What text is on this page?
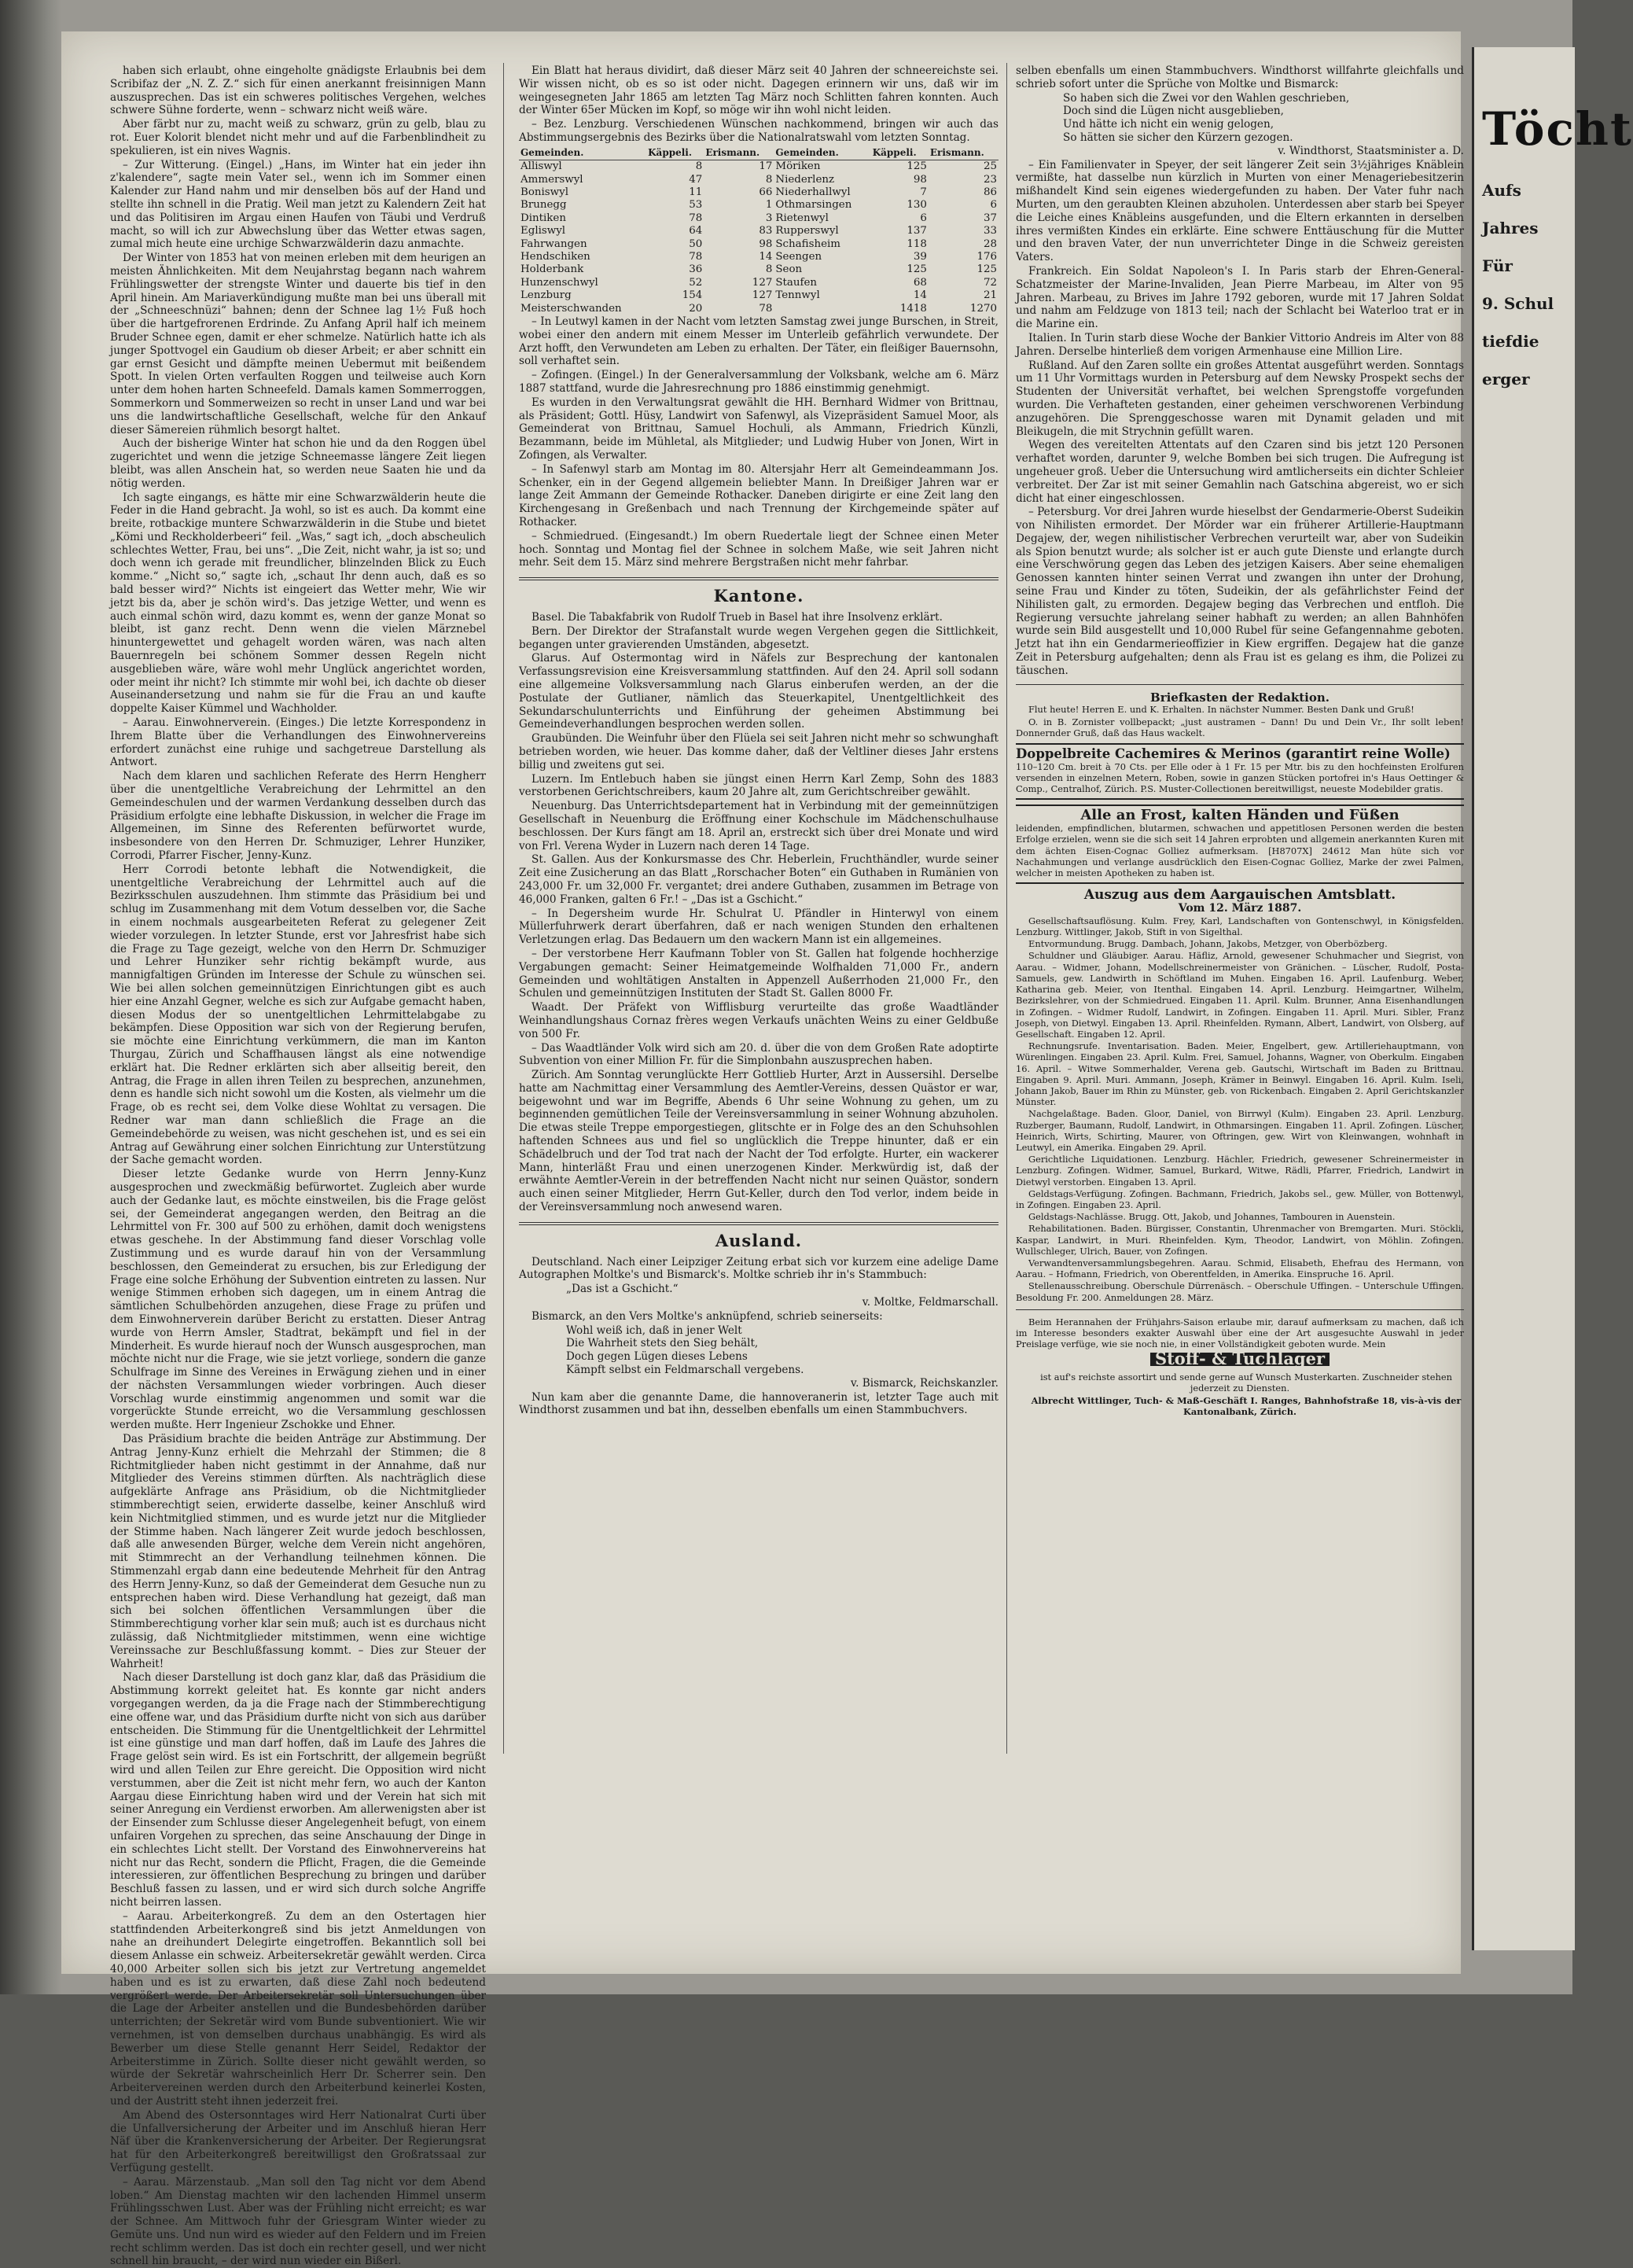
haben sich erlaubt, ohne eingeholte gnädigste Erlaubnis bei dem Scribifaz der „N. Z. Z.“ sich für einen anerkannt freisinnigen Mann auszusprechen. Das ist ein schweres politisches Vergehen, welches schwere Sühne forderte, wenn – schwarz nicht weiß wäre.

Aber färbt nur zu, macht weiß zu schwarz, grün zu gelb, blau zu rot. Euer Kolorit blendet nicht mehr und auf die Farbenblindheit zu spekulieren, ist ein nives Wagnis.

– Zur Witterung. (Eingel.) „Hans, im Winter hat ein jeder ihn z'kalendere“, sagte mein Vater sel., wenn ich im Sommer einen Kalender zur Hand nahm und mir denselben bös auf der Hand und stellte ihn schnell in die Pratig. Weil man jetzt zu Kalendern Zeit hat und das Politisiren im Argau einen Haufen von Täubi und Verdruß macht, so will ich zur Abwechslung über das Wetter etwas sagen, zumal mich heute eine urchige Schwarzwälderin dazu anmachte.

Der Winter von 1853 hat von meinen erleben mit dem heurigen an meisten Ähnlichkeiten. Mit dem Neujahrstag begann nach wahrem Frühlingswetter der strengste Winter und dauerte bis tief in den April hinein. Am Mariaverkündigung mußte man bei uns überall mit der „Schneeschnüzi“ bahnen; denn der Schnee lag 1½ Fuß hoch über die hartgefrorenen Erdrinde. Zu Anfang April half ich meinem Bruder Schnee egen, damit er eher schmelze. Natürlich hatte ich als junger Spottvogel ein Gaudium ob dieser Arbeit; er aber schnitt ein gar ernst Gesicht und dämpfte meinen Uebermut mit beißendem Spott. In vielen Orten verfaulten Roggen und teilweise auch Korn unter dem hohen harten Schneefeld. Damals kamen Sommerroggen, Sommerkorn und Sommerweizen so recht in unser Land und war bei uns die landwirtschaftliche Gesellschaft, welche für den Ankauf dieser Sämereien rühmlich besorgt haltet.

Auch der bisherige Winter hat schon hie und da den Roggen übel zugerichtet und wenn die jetzige Schneemasse längere Zeit liegen bleibt, was allen Anschein hat, so werden neue Saaten hie und da nötig werden.

Ich sagte eingangs, es hätte mir eine Schwarzwälderin heute die Feder in die Hand gebracht. Ja wohl, so ist es auch. Da kommt eine breite, rotbackige muntere Schwarzwälderin in die Stube und bietet „Kömi und Reckholderbeeri“ feil. „Was,“ sagt ich, „doch abscheulich schlechtes Wetter, Frau, bei uns“. „Die Zeit, nicht wahr, ja ist so; und doch wenn ich gerade mit freundlicher, blinzelnden Blick zu Euch komme.“ „Nicht so,“ sagte ich, „schaut Ihr denn auch, daß es so bald besser wird?“ Nichts ist eingeiert das Wetter mehr, Wie wir jetzt bis da, aber je schön wird's. Das jetzige Wetter, und wenn es auch einmal schön wird, dazu kommt es, wenn der ganze Monat so bleibt, ist ganz recht. Denn wenn die vielen Märznebel hinuntergewettet und gehagelt worden wären, was nach alten Bauernregeln bei schönem Sommer dessen Regeln nicht ausgeblieben wäre, wäre wohl mehr Unglück angerichtet worden, oder meint ihr nicht? Ich stimmte mir wohl bei, ich dachte ob dieser Auseinandersetzung und nahm sie für die Frau an und kaufte doppelte Kaiser Kümmel und Wachholder.

– Aarau. Einwohnerverein. (Einges.) Die letzte Korrespondenz in Ihrem Blatte über die Verhandlungen des Einwohnervereins erfordert zunächst eine ruhige und sachgetreue Darstellung als Antwort.

Nach dem klaren und sachlichen Referate des Herrn Hengherr über die unentgeltliche Verabreichung der Lehrmittel an den Gemeindeschulen und der warmen Verdankung desselben durch das Präsidium erfolgte eine lebhafte Diskussion, in welcher die Frage im Allgemeinen, im Sinne des Referenten befürwortet wurde, insbesondere von den Herren Dr. Schmuziger, Lehrer Hunziker, Corrodi, Pfarrer Fischer, Jenny-Kunz.

Herr Corrodi betonte lebhaft die Notwendigkeit, die unentgeltliche Verabreichung der Lehrmittel auch auf die Bezirksschulen auszudehnen. Ihm stimmte das Präsidium bei und schlug im Zusammenhang mit dem Votum desselben vor, die Sache in einem nochmals ausgearbeiteten Referat zu gelegener Zeit wieder vorzulegen. In letzter Stunde, erst vor Jahresfrist habe sich die Frage zu Tage gezeigt, welche von den Herrn Dr. Schmuziger und Lehrer Hunziker sehr richtig bekämpft wurde, aus mannigfaltigen Gründen im Interesse der Schule zu wünschen sei. Wie bei allen solchen gemeinnützigen Einrichtungen gibt es auch hier eine Anzahl Gegner, welche es sich zur Aufgabe gemacht haben, diesen Modus der so unentgeltlichen Lehrmittelabgabe zu bekämpfen. Diese Opposition war sich von der Regierung berufen, sie möchte eine Einrichtung verkümmern, die man im Kanton Thurgau, Zürich und Schaffhausen längst als eine notwendige erklärt hat. Die Redner erklärten sich aber allseitig bereit, den Antrag, die Frage in allen ihren Teilen zu besprechen, anzunehmen, denn es handle sich nicht sowohl um die Kosten, als vielmehr um die Frage, ob es recht sei, dem Volke diese Wohltat zu versagen. Die Redner war man dann schließlich die Frage an die Gemeindebehörde zu weisen, was nicht geschehen ist, und es sei ein Antrag auf Gewährung einer solchen Einrichtung zur Unterstützung der Sache gemacht worden.

Dieser letzte Gedanke wurde von Herrn Jenny-Kunz ausgesprochen und zweckmäßig befürwortet. Zugleich aber wurde auch der Gedanke laut, es möchte einstweilen, bis die Frage gelöst sei, der Gemeinderat angegangen werden, den Beitrag an die Lehrmittel von Fr. 300 auf 500 zu erhöhen, damit doch wenigstens etwas geschehe. In der Abstimmung fand dieser Vorschlag volle Zustimmung und es wurde darauf hin von der Versammlung beschlossen, den Gemeinderat zu ersuchen, bis zur Erledigung der Frage eine solche Erhöhung der Subvention eintreten zu lassen. Nur wenige Stimmen erhoben sich dagegen, um in einem Antrag die sämtlichen Schulbehörden anzugehen, diese Frage zu prüfen und dem Einwohnerverein darüber Bericht zu erstatten. Dieser Antrag wurde von Herrn Amsler, Stadtrat, bekämpft und fiel in der Minderheit. Es wurde hierauf noch der Wunsch ausgesprochen, man möchte nicht nur die Frage, wie sie jetzt vorliege, sondern die ganze Schulfrage im Sinne des Vereines in Erwägung ziehen und in einer der nächsten Versammlungen wieder vorbringen. Auch dieser Vorschlag wurde einstimmig angenommen und somit war die vorgerückte Stunde erreicht, wo die Versammlung geschlossen werden mußte. Herr Ingenieur Zschokke und Ehner.

Das Präsidium brachte die beiden Anträge zur Abstimmung. Der Antrag Jenny-Kunz erhielt die Mehrzahl der Stimmen; die 8 Richtmitglieder haben nicht gestimmt in der Annahme, daß nur Mitglieder des Vereins stimmen dürften. Als nachträglich diese aufgeklärte Anfrage ans Präsidium, ob die Nichtmitglieder stimmberechtigt seien, erwiderte dasselbe, keiner Anschluß wird kein Nichtmitglied stimmen, und es wurde jetzt nur die Mitglieder der Stimme haben. Nach längerer Zeit wurde jedoch beschlossen, daß alle anwesenden Bürger, welche dem Verein nicht angehören, mit Stimmrecht an der Verhandlung teilnehmen können. Die Stimmenzahl ergab dann eine bedeutende Mehrheit für den Antrag des Herrn Jenny-Kunz, so daß der Gemeinderat dem Gesuche nun zu entsprechen haben wird. Diese Verhandlung hat gezeigt, daß man sich bei solchen öffentlichen Versammlungen über die Stimmberechtigung vorher klar sein muß; auch ist es durchaus nicht zulässig, daß Nichtmitglieder mitstimmen, wenn eine wichtige Vereinssache zur Beschlußfassung kommt. – Dies zur Steuer der Wahrheit!

Nach dieser Darstellung ist doch ganz klar, daß das Präsidium die Abstimmung korrekt geleitet hat. Es konnte gar nicht anders vorgegangen werden, da ja die Frage nach der Stimmberechtigung eine offene war, und das Präsidium durfte nicht von sich aus darüber entscheiden. Die Stimmung für die Unentgeltlichkeit der Lehrmittel ist eine günstige und man darf hoffen, daß im Laufe des Jahres die Frage gelöst sein wird. Es ist ein Fortschritt, der allgemein begrüßt wird und allen Teilen zur Ehre gereicht. Die Opposition wird nicht verstummen, aber die Zeit ist nicht mehr fern, wo auch der Kanton Aargau diese Einrichtung haben wird und der Verein hat sich mit seiner Anregung ein Verdienst erworben. Am allerwenigsten aber ist der Einsender zum Schlusse dieser Angelegenheit befugt, von einem unfairen Vorgehen zu sprechen, das seine Anschauung der Dinge in ein schlechtes Licht stellt. Der Vorstand des Einwohnervereins hat nicht nur das Recht, sondern die Pflicht, Fragen, die die Gemeinde interessieren, zur öffentlichen Besprechung zu bringen und darüber Beschluß fassen zu lassen, und er wird sich durch solche Angriffe nicht beirren lassen.

– Aarau. Arbeiterkongreß. Zu dem an den Ostertagen hier stattfindenden Arbeiterkongreß sind bis jetzt Anmeldungen von nahe an dreihundert Delegirte eingetroffen. Bekanntlich soll bei diesem Anlasse ein schweiz. Arbeitersekretär gewählt werden. Circa 40,000 Arbeiter sollen sich bis jetzt zur Vertretung angemeldet haben und es ist zu erwarten, daß diese Zahl noch bedeutend vergrößert werde. Der Arbeitersekretär soll Untersuchungen über die Lage der Arbeiter anstellen und die Bundesbehörden darüber unterrichten; der Sekretär wird vom Bunde subventioniert. Wie wir vernehmen, ist von demselben durchaus unabhängig. Es wird als Bewerber um diese Stelle genannt Herr Seidel, Redaktor der Arbeiterstimme in Zürich. Sollte dieser nicht gewählt werden, so würde der Sekretär wahrscheinlich Herr Dr. Scherrer sein. Den Arbeitervereinen werden durch den Arbeiterbund keinerlei Kosten, und der Austritt steht ihnen jederzeit frei.

Am Abend des Ostersonntages wird Herr Nationalrat Curti über die Unfallversicherung der Arbeiter und im Anschluß hieran Herr Näf über die Krankenversicherung der Arbeiter. Der Regierungsrat hat für den Arbeiterkongreß bereitwilligst den Großratssaal zur Verfügung gestellt.

– Aarau. Märzenstaub. „Man soll den Tag nicht vor dem Abend loben.“ Am Dienstag machten wir den lachenden Himmel unserm Frühlingsschwen Lust. Aber was der Frühling nicht erreicht; es war der Schnee. Am Mittwoch fuhr der Griesgram Winter wieder zu Gemüte uns. Und nun wird es wieder auf den Feldern und im Freien recht schlimm werden. Das ist doch ein rechter gesell, und wer nicht schnell hin braucht, – der wird nun wieder ein Bißerl.

Ein Blatt hat heraus dividirt, daß dieser März seit 40 Jahren der schneereichste sei. Wir wissen nicht, ob es so ist oder nicht. Dagegen erinnern wir uns, daß wir im weingesegneten Jahr 1865 am letzten Tag März noch Schlitten fahren konnten. Auch der Winter 65er Mücken im Kopf, so möge wir ihn wohl nicht leiden.

– Bez. Lenzburg. Verschiedenen Wünschen nachkommend, bringen wir auch das Abstimmungsergebnis des Bezirks über die Nationalratswahl vom letzten Sonntag.

Gemeinden.	Käppeli.	Erismann.	Gemeinden.	Käppeli.	Erismann.
Alliswyl	8	17	Möriken	125	25
Ammerswyl	47	8	Niederlenz	98	23
Boniswyl	11	66	Niederhallwyl	7	86
Brunegg	53	1	Othmarsingen	130	6
Dintiken	78	3	Rietenwyl	6	37
Egliswyl	64	83	Rupperswyl	137	33
Fahrwangen	50	98	Schafisheim	118	28
Hendschiken	78	14	Seengen	39	176
Holderbank	36	8	Seon	125	125
Hunzenschwyl	52	127	Staufen	68	72
Lenzburg	154	127	Tennwyl	14	21
Meisterschwanden	20	78		1418	1270

– In Leutwyl kamen in der Nacht vom letzten Samstag zwei junge Burschen, in Streit, wobei einer den andern mit einem Messer im Unterleib gefährlich verwundete. Der Arzt hofft, den Verwundeten am Leben zu erhalten. Der Täter, ein fleißiger Bauernsohn, soll verhaftet sein.

– Zofingen. (Eingel.) In der Generalversammlung der Volksbank, welche am 6. März 1887 stattfand, wurde die Jahresrechnung pro 1886 einstimmig genehmigt.

Es wurden in den Verwaltungsrat gewählt die HH. Bernhard Widmer von Brittnau, als Präsident; Gottl. Hüsy, Landwirt von Safenwyl, als Vizepräsident Samuel Moor, als Gemeinderat von Brittnau, Samuel Hochuli, als Ammann, Friedrich Künzli, Bezammann, beide im Mühletal, als Mitglieder; und Ludwig Huber von Jonen, Wirt in Zofingen, als Verwalter.

– In Safenwyl starb am Montag im 80. Altersjahr Herr alt Gemeindeammann Jos. Schenker, ein in der Gegend allgemein beliebter Mann. In Dreißiger Jahren war er lange Zeit Ammann der Gemeinde Rothacker. Daneben dirigirte er eine Zeit lang den Kirchengesang in Greßenbach und nach Trennung der Kirchgemeinde später auf Rothacker.

– Schmiedrued. (Eingesandt.) Im obern Ruedertale liegt der Schnee einen Meter hoch. Sonntag und Montag fiel der Schnee in solchem Maße, wie seit Jahren nicht mehr. Seit dem 15. März sind mehrere Bergstraßen nicht mehr fahrbar.

Kantone.

Basel. Die Tabakfabrik von Rudolf Trueb in Basel hat ihre Insolvenz erklärt.

Bern. Der Direktor der Strafanstalt wurde wegen Vergehen gegen die Sittlichkeit, begangen unter gravierenden Umständen, abgesetzt.

Glarus. Auf Ostermontag wird in Näfels zur Besprechung der kantonalen Verfassungsrevision eine Kreisversammlung stattfinden. Auf den 24. April soll sodann eine allgemeine Volksversammlung nach Glarus einberufen werden, an der die Postulate der Gutlianer, nämlich das Steuerkapitel, Unentgeltlichkeit des Sekundarschulunterrichts und Einführung der geheimen Abstimmung bei Gemeindeverhandlungen besprochen werden sollen.

Graubünden. Die Weinfuhr über den Flüela sei seit Jahren nicht mehr so schwunghaft betrieben worden, wie heuer. Das komme daher, daß der Veltliner dieses Jahr erstens billig und zweitens gut sei.

Luzern. Im Entlebuch haben sie jüngst einen Herrn Karl Zemp, Sohn des 1883 verstorbenen Gerichtschreibers, kaum 20 Jahre alt, zum Gerichtschreiber gewählt.

Neuenburg. Das Unterrichtsdepartement hat in Verbindung mit der gemeinnützigen Gesellschaft in Neuenburg die Eröffnung einer Kochschule im Mädchenschulhause beschlossen. Der Kurs fängt am 18. April an, erstreckt sich über drei Monate und wird von Frl. Verena Wyder in Luzern nach deren 14 Tage.

St. Gallen. Aus der Konkursmasse des Chr. Heberlein, Fruchthändler, wurde seiner Zeit eine Zusicherung an das Blatt „Rorschacher Boten“ ein Guthaben in Rumänien von 243,000 Fr. um 32,000 Fr. vergantet; drei andere Guthaben, zusammen im Betrage von 46,000 Franken, galten 6 Fr.! – „Das ist a Gschicht.“

– In Degersheim wurde Hr. Schulrat U. Pfändler in Hinterwyl von einem Müllerfuhrwerk derart überfahren, daß er nach wenigen Stunden den erhaltenen Verletzungen erlag. Das Bedauern um den wackern Mann ist ein allgemeines.

– Der verstorbene Herr Kaufmann Tobler von St. Gallen hat folgende hochherzige Vergabungen gemacht: Seiner Heimatgemeinde Wolfhalden 71,000 Fr., andern Gemeinden und wohltätigen Anstalten in Appenzell Außerrhoden 21,000 Fr., den Schulen und gemeinnützigen Instituten der Stadt St. Gallen 8000 Fr.

Waadt. Der Präfekt von Wifflisburg verurteilte das große Waadtländer Weinhandlungshaus Cornaz frères wegen Verkaufs unächten Weins zu einer Geldbuße von 500 Fr.

– Das Waadtländer Volk wird sich am 20. d. über die von dem Großen Rate adoptirte Subvention von einer Million Fr. für die Simplonbahn auszusprechen haben.

Zürich. Am Sonntag verunglückte Herr Gottlieb Hurter, Arzt in Aussersihl. Derselbe hatte am Nachmittag einer Versammlung des Aemtler-Vereins, dessen Quästor er war, beigewohnt und war im Begriffe, Abends 6 Uhr seine Wohnung zu gehen, um zu beginnenden gemütlichen Teile der Vereinsversammlung in seiner Wohnung abzuholen. Die etwas steile Treppe emporgestiegen, glitschte er in Folge des an den Schuhsohlen haftenden Schnees aus und fiel so unglücklich die Treppe hinunter, daß er ein Schädelbruch und der Tod trat nach der Nacht der Tod erfolgte. Hurter, ein wackerer Mann, hinterläßt Frau und einen unerzogenen Kinder. Merkwürdig ist, daß der erwähnte Aemtler-Verein in der betreffenden Nacht nicht nur seinen Quästor, sondern auch einen seiner Mitglieder, Herrn Gut-Keller, durch den Tod verlor, indem beide in der Vereinsversammlung noch anwesend waren.

Ausland.

Deutschland. Nach einer Leipziger Zeitung erbat sich vor kurzem eine adelige Dame Autographen Moltke's und Bismarck's. Moltke schrieb ihr in's Stammbuch:

„Das ist a Gschicht.“

v. Moltke, Feldmarschall.

Bismarck, an den Vers Moltke's anknüpfend, schrieb seinerseits:

Wohl weiß ich, daß in jener Welt
Die Wahrheit stets den Sieg behält,
Doch gegen Lügen dieses Lebens
Kämpft selbst ein Feldmarschall vergebens.

v. Bismarck, Reichskanzler.

Nun kam aber die genannte Dame, die hannoveranerin ist, letzter Tage auch mit Windthorst zusammen und bat ihn, desselben ebenfalls um einen Stammbuchvers.

selben ebenfalls um einen Stammbuchvers. Windthorst willfahrte gleichfalls und schrieb sofort unter die Sprüche von Moltke und Bismarck:

So haben sich die Zwei vor den Wahlen geschrieben,
Doch sind die Lügen nicht ausgeblieben,
Und hätte ich nicht ein wenig gelogen,
So hätten sie sicher den Kürzern gezogen.

v. Windthorst, Staatsminister a. D.

– Ein Familienvater in Speyer, der seit längerer Zeit sein 3½jähriges Knäblein vermißte, hat dasselbe nun kürzlich in Murten von einer Menageriebesitzerin mißhandelt Kind sein eigenes wiedergefunden zu haben. Der Vater fuhr nach Murten, um den geraubten Kleinen abzuholen. Unterdessen aber starb bei Speyer die Leiche eines Knäbleins ausgefunden, und die Eltern erkannten in derselben ihres vermißten Kindes ein erklärte. Eine schwere Enttäuschung für die Mutter und den braven Vater, der nun unverrichteter Dinge in die Schweiz gereisten Vaters.

Frankreich. Ein Soldat Napoleon's I. In Paris starb der Ehren-General-Schatzmeister der Marine-Invaliden, Jean Pierre Marbeau, im Alter von 95 Jahren. Marbeau, zu Brives im Jahre 1792 geboren, wurde mit 17 Jahren Soldat und nahm am Feldzuge von 1813 teil; nach der Schlacht bei Waterloo trat er in die Marine ein.

Italien. In Turin starb diese Woche der Bankier Vittorio Andreis im Alter von 88 Jahren. Derselbe hinterließ dem vorigen Armenhause eine Million Lire.

Rußland. Auf den Zaren sollte ein großes Attentat ausgeführt werden. Sonntags um 11 Uhr Vormittags wurden in Petersburg auf dem Newsky Prospekt sechs der Studenten der Universität verhaftet, bei welchen Sprengstoffe vorgefunden wurden. Die Verhafteten gestanden, einer geheimen verschworenen Verbindung anzugehören. Die Sprenggeschosse waren mit Dynamit geladen und mit Bleikugeln, die mit Strychnin gefüllt waren.

Wegen des vereitelten Attentats auf den Czaren sind bis jetzt 120 Personen verhaftet worden, darunter 9, welche Bomben bei sich trugen. Die Aufregung ist ungeheuer groß. Ueber die Untersuchung wird amtlicherseits ein dichter Schleier verbreitet. Der Zar ist mit seiner Gemahlin nach Gatschina abgereist, wo er sich dicht hat einer eingeschlossen.

– Petersburg. Vor drei Jahren wurde hieselbst der Gendarmerie-Oberst Sudeikin von Nihilisten ermordet. Der Mörder war ein früherer Artillerie-Hauptmann Degajew, der, wegen nihilistischer Verbrechen verurteilt war, aber von Sudeikin als Spion benutzt wurde; als solcher ist er auch gute Dienste und erlangte durch eine Verschwörung gegen das Leben des jetzigen Kaisers. Aber seine ehemaligen Genossen kannten hinter seinen Verrat und zwangen ihn unter der Drohung, seine Frau und Kinder zu töten, Sudeikin, der als gefährlichster Feind der Nihilisten galt, zu ermorden. Degajew beging das Verbrechen und entfloh. Die Regierung versuchte jahrelang seiner habhaft zu werden; an allen Bahnhöfen wurde sein Bild ausgestellt und 10,000 Rubel für seine Gefangennahme geboten. Jetzt hat ihn ein Gendarmerieoffizier in Kiew ergriffen. Degajew hat die ganze Zeit in Petersburg aufgehalten; denn als Frau ist es gelang es ihm, die Polizei zu täuschen.

Briefkasten der Redaktion.

Flut heute! Herren E. und K. Erhalten. In nächster Nummer. Besten Dank und Gruß!

O. in B. Zornister vollbepackt; „just austramen – Dann! Du und Dein Vr., Ihr sollt leben! Donnernder Gruß, daß das Haus wackelt.

Doppelbreite Cachemires & Merinos (garantirt reine Wolle)

110–120 Cm. breit à 70 Cts. per Elle oder à 1 Fr. 15 per Mtr. bis zu den hochfeinsten Erolfuren versenden in einzelnen Metern, Roben, sowie in ganzen Stücken portofrei in's Haus Oettinger & Comp., Centralhof, Zürich. P.S. Muster-Collectionen bereitwilligst, neueste Modebilder gratis.

Alle an Frost, kalten Händen und Füßen

leidenden, empfindlichen, blutarmen, schwachen und appetitlosen Personen werden die besten Erfolge erzielen, wenn sie die sich seit 14 Jahren erprobten und allgemein anerkannten Kuren mit dem ächten Eisen-Cognac Golliez aufmerksam. [H8707X] 24612 Man hüte sich vor Nachahmungen und verlange ausdrücklich den Eisen-Cognac Golliez, Marke der zwei Palmen, welcher in meisten Apotheken zu haben ist.

Auszug aus dem Aargauischen Amtsblatt.
Vom 12. März 1887.

Gesellschaftsauflösung. Kulm. Frey, Karl, Landschaften von Gontenschwyl, in Königsfelden. Lenzburg. Wittlinger, Jakob, Stift in von Sigelthal.

Entvormundung. Brugg. Dambach, Johann, Jakobs, Metzger, von Oberbözberg.

Schuldner und Gläubiger. Aarau. Häfliz, Arnold, gewesener Schuhmacher und Siegrist, von Aarau. – Widmer, Johann, Modellschreinermeister von Gränichen. – Lüscher, Rudolf, Posta-Samuels, gew. Landwirth in Schöftland im Muhen. Eingaben 16. April. Laufenburg. Weber, Katharina geb. Meier, von Itenthal. Eingaben 14. April. Lenzburg. Heimgartner, Wilhelm, Bezirkslehrer, von der Schmiedrued. Eingaben 11. April. Kulm. Brunner, Anna Eisenhandlungen in Zofingen. – Widmer Rudolf, Landwirt, in Zofingen. Eingaben 11. April. Muri. Sibler, Franz Joseph, von Dietwyl. Eingaben 13. April. Rheinfelden. Rymann, Albert, Landwirt, von Olsberg, auf Gesellschaft. Eingaben 12. April.

Rechnungsrufe. Inventarisation. Baden. Meier, Engelbert, gew. Artilleriehauptmann, von Würenlingen. Eingaben 23. April. Kulm. Frei, Samuel, Johanns, Wagner, von Oberkulm. Eingaben 16. April. – Witwe Sommerhalder, Verena geb. Gautschi, Wirtschaft im Baden zu Brittnau. Eingaben 9. April. Muri. Ammann, Joseph, Krämer in Beinwyl. Eingaben 16. April. Kulm. Iseli, Johann Jakob, Bauer im Rhin zu Münster, geb. von Rickenbach. Eingaben 2. April Gerichtskanzler Münster.

Nachgelaßtage. Baden. Gloor, Daniel, von Birrwyl (Kulm). Eingaben 23. April. Lenzburg. Ruzberger, Baumann, Rudolf, Landwirt, in Othmarsingen. Eingaben 11. April. Zofingen. Lüscher, Heinrich, Wirts, Schirting, Maurer, von Oftringen, gew. Wirt von Kleinwangen, wohnhaft in Leutwyl, ein Amerika. Eingaben 29. April.

Gerichtliche Liquidationen. Lenzburg. Hächler, Friedrich, gewesener Schreinermeister in Lenzburg. Zofingen. Widmer, Samuel, Burkard, Witwe, Rädli, Pfarrer, Friedrich, Landwirt in Dietwyl verstorben. Eingaben 13. April.

Geldstags-Verfügung. Zofingen. Bachmann, Friedrich, Jakobs sel., gew. Müller, von Bottenwyl, in Zofingen. Eingaben 23. April.

Geldstags-Nachlässe. Brugg. Ott, Jakob, und Johannes, Tambouren in Auenstein.

Rehabilitationen. Baden. Bürgisser, Constantin, Uhrenmacher von Bremgarten. Muri. Stöckli, Kaspar, Landwirt, in Muri. Rheinfelden. Kym, Theodor, Landwirt, von Möhlin. Zofingen. Wullschleger, Ulrich, Bauer, von Zofingen.

Verwandtenversammlungsbegehren. Aarau. Schmid, Elisabeth, Ehefrau des Hermann, von Aarau. – Hofmann, Friedrich, von Oberentfelden, in Amerika. Einspruche 16. April.

Stellenausschreibung. Oberschule Dürrenäsch. – Oberschule Uffingen. – Unterschule Uffingen. Besoldung Fr. 200. Anmeldungen 28. März.

Beim Herannahen der Frühjahrs-Saison erlaube mir, darauf aufmerksam zu machen, daß ich im Interesse besonders exakter Auswahl über eine der Art ausgesuchte Auswahl in jeder Preislage verfüge, wie sie noch nie, in einer Vollständigkeit geboten wurde. Mein

Stoff- & Tuchlager

ist auf's reichste assortirt und sende gerne auf Wunsch Musterkarten. Zuschneider stehen jederzeit zu Diensten.

Albrecht Wittlinger, Tuch- & Maß-Geschäft I. Ranges, Bahnhofstraße 18, vis-à-vis der Kantonalbank, Zürich.

Töcht
Aufs
Jahres
Für
9. Schul
tiefdie
erger
